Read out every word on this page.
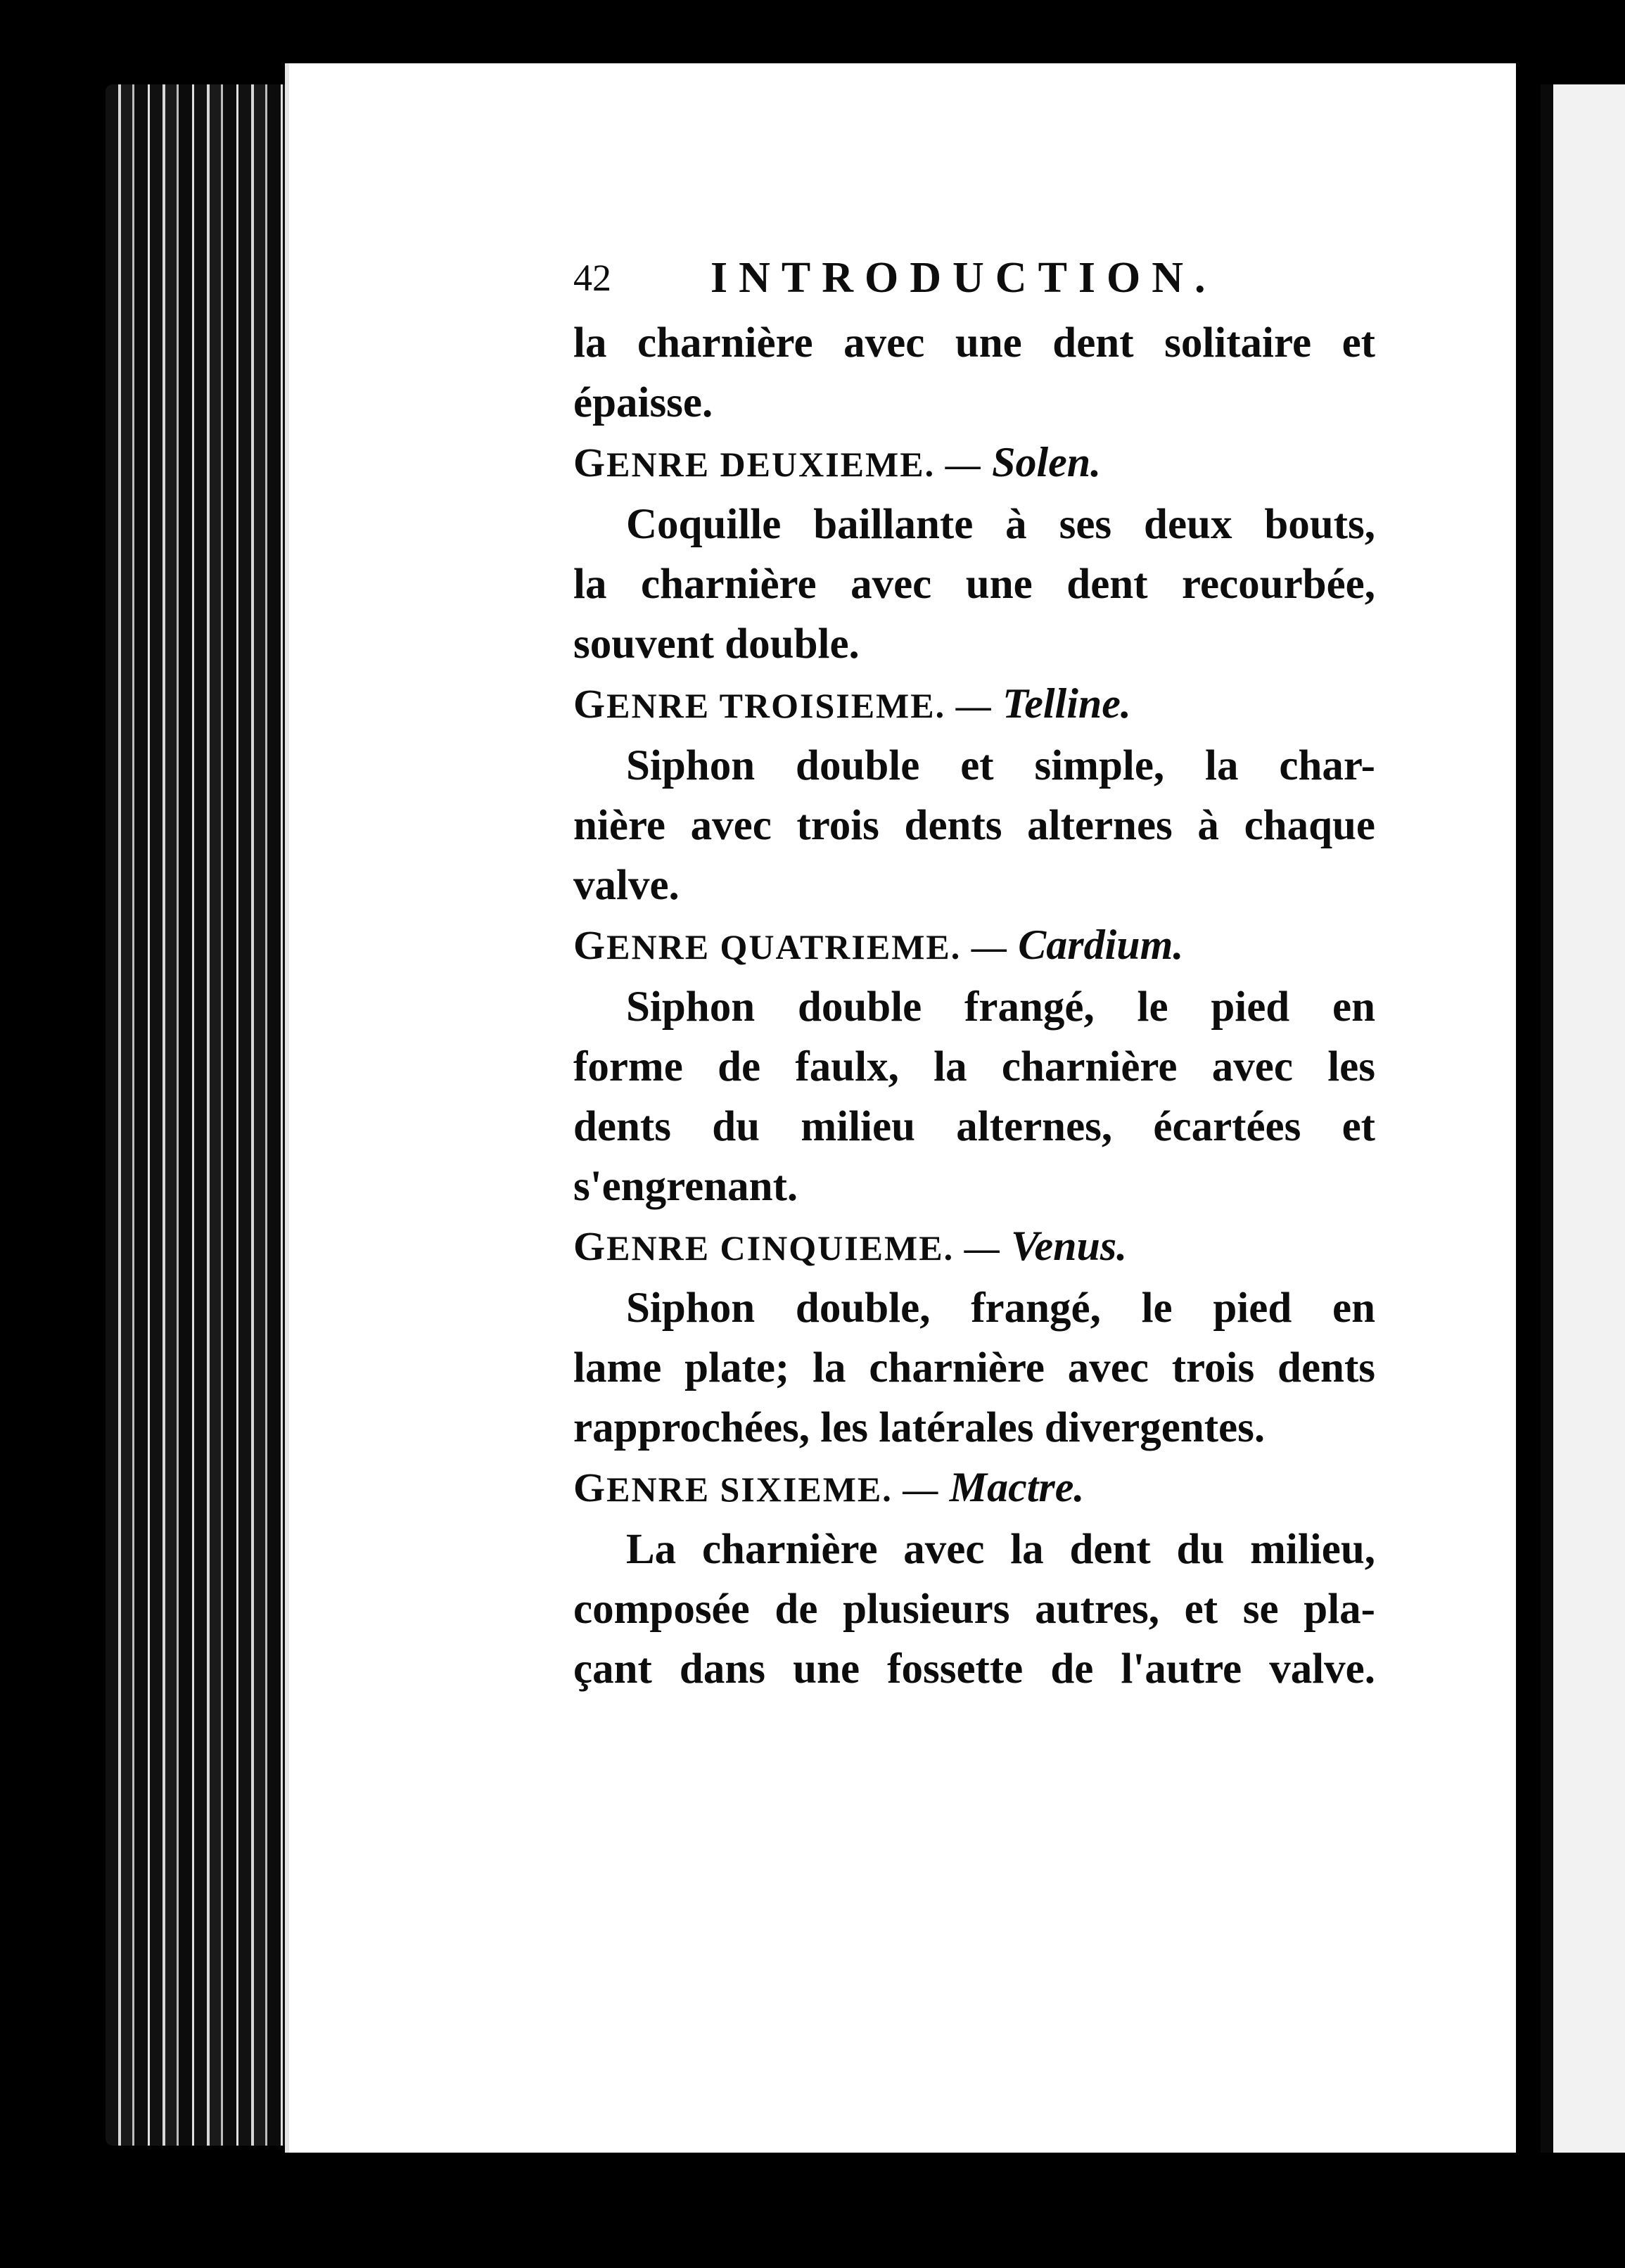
42 INTRODUCTION.
la charnière avec une dent solitaire et
épaisse.
GENRE DEUXIEME. — Solen.
Coquille baillante à ses deux bouts,
la charnière avec une dent recourbée,
souvent double.
GENRE TROISIEME. — Telline.
Siphon double et simple, la char-
nière avec trois dents alternes à chaque
valve.
GENRE QUATRIEME. — Cardium.
Siphon double frangé, le pied en
forme de faulx, la charnière avec les
dents du milieu alternes, écartées et
s'engrenant.
GENRE CINQUIEME. — Venus.
Siphon double, frangé, le pied en
lame plate; la charnière avec trois dents
rapprochées, les latérales divergentes.
GENRE SIXIEME. — Mactre.
La charnière avec la dent du milieu,
composée de plusieurs autres, et se pla-
çant dans une fossette de l'autre valve.
